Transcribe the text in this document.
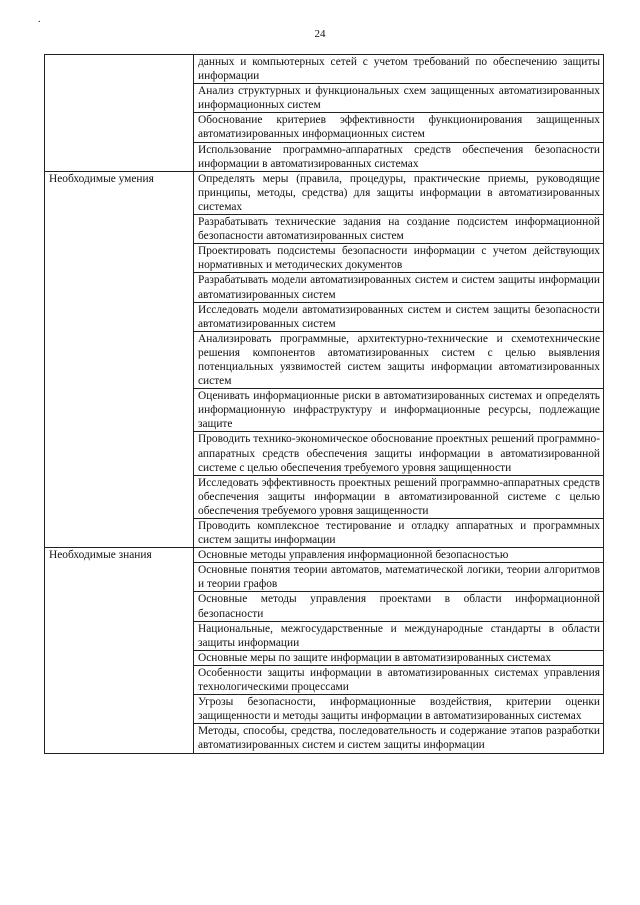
.
24
	данных и компьютерных сетей с учетом требований по обеспечению защиты информации
	Анализ структурных и функциональных схем защищенных автоматизированных информационных систем
	Обоснование критериев эффективности функционирования защищенных автоматизированных информационных систем
	Использование программно-аппаратных средств обеспечения безопасности информации в автоматизированных системах
Необходимые умения	Определять меры (правила, процедуры, практические приемы, руководящие принципы, методы, средства) для защиты информации в автоматизированных системах
	Разрабатывать технические задания на создание подсистем информационной безопасности автоматизированных систем
	Проектировать подсистемы безопасности информации с учетом действующих нормативных и методических документов
	Разрабатывать модели автоматизированных систем и систем защиты информации автоматизированных систем
	Исследовать модели автоматизированных систем и систем защиты безопасности автоматизированных систем
	Анализировать программные, архитектурно-технические и схемотехнические решения компонентов автоматизированных систем с целью выявления потенциальных уязвимостей систем защиты информации автоматизированных систем
	Оценивать информационные риски в автоматизированных системах и определять информационную инфраструктуру и информационные ресурсы, подлежащие защите
	Проводить технико-экономическое обоснование проектных решений программно-аппаратных средств обеспечения защиты информации в автоматизированной системе с целью обеспечения требуемого уровня защищенности
	Исследовать эффективность проектных решений программно-аппаратных средств обеспечения защиты информации в автоматизированной системе с целью обеспечения требуемого уровня защищенности
	Проводить комплексное тестирование и отладку аппаратных и программных систем защиты информации
Необходимые знания	Основные методы управления информационной безопасностью
	Основные понятия теории автоматов, математической логики, теории алгоритмов и теории графов
	Основные методы управления проектами в области информационной безопасности
	Национальные, межгосударственные и международные стандарты в области защиты информации
	Основные меры по защите информации в автоматизированных системах
	Особенности защиты информации в автоматизированных системах управления технологическими процессами
	Угрозы безопасности, информационные воздействия, критерии оценки защищенности и методы защиты информации в автоматизированных системах
	Методы, способы, средства, последовательность и содержание этапов разработки автоматизированных систем и систем защиты информации
